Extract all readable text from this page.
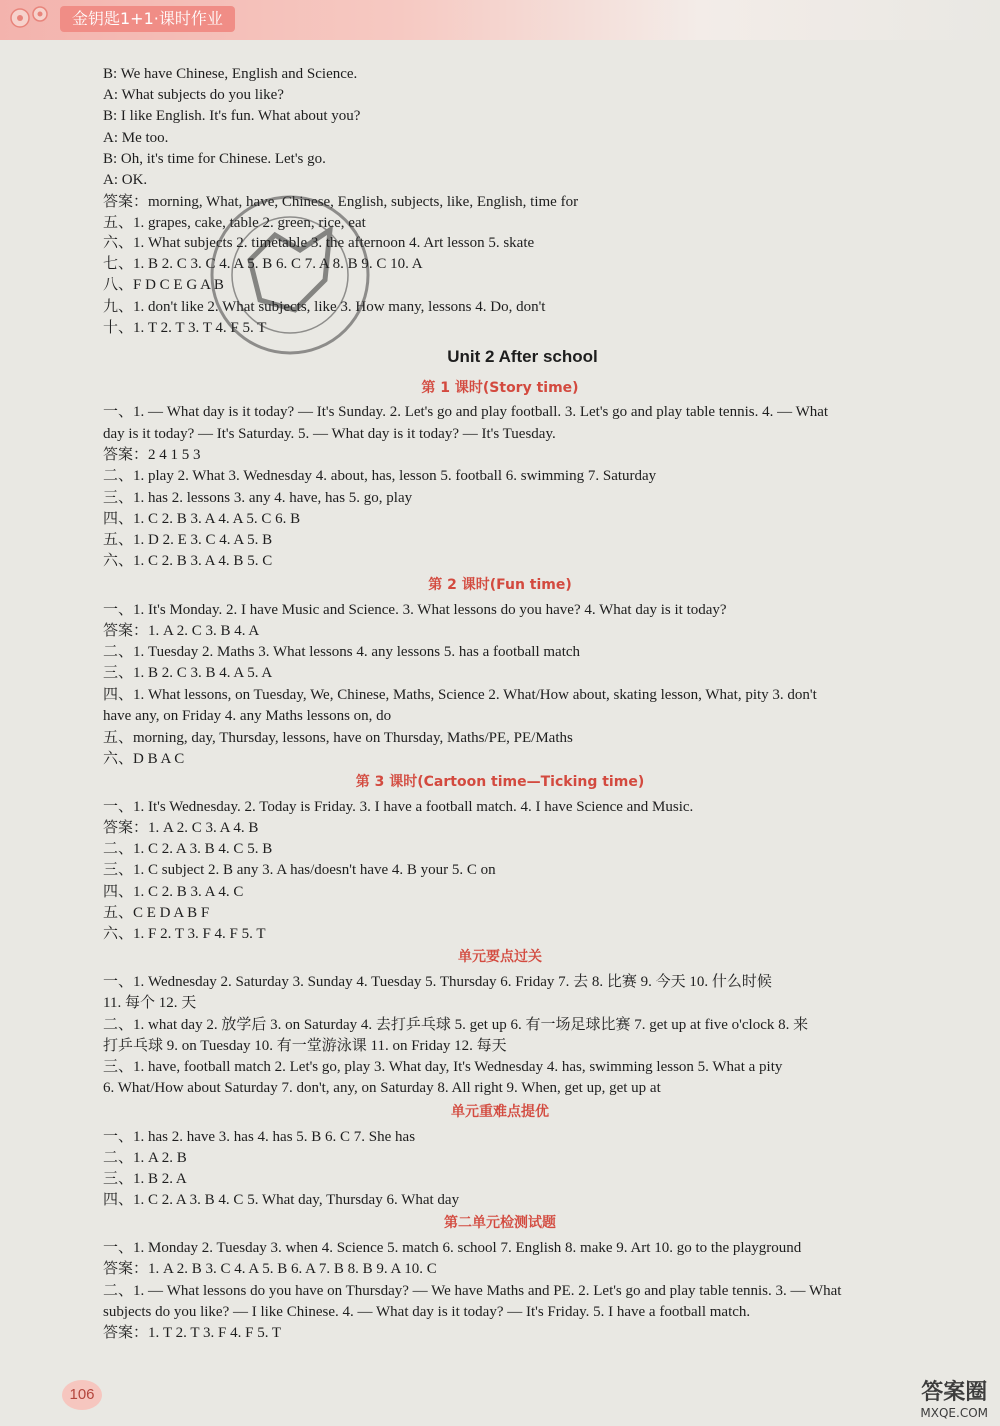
金钥匙1+1·课时作业
B: We have Chinese, English and Science.
A: What subjects do you like?
B: I like English. It's fun. What about you?
A: Me too.
B: Oh, it's time for Chinese. Let's go.
A: OK.
答案：morning, What, have, Chinese, English, subjects, like, English, time for
五、1. grapes, cake, table 2. green, rice, eat
六、1. What subjects 2. timetable 3. the afternoon 4. Art lesson 5. skate
七、1. B 2. C 3. C 4. A 5. B 6. C 7. A 8. B 9. C 10. A
八、F D C E G A B
九、1. don't like 2. What subjects, like 3. How many, lessons 4. Do, don't
十、1. T 2. T 3. T 4. F 5. T
Unit 2 After school
第 1 课时(Story time)
一、1. — What day is it today? — It's Sunday. 2. Let's go and play football. 3. Let's go and play table tennis. 4. — What
day is it today? — It's Saturday. 5. — What day is it today? — It's Tuesday.
答案：2 4 1 5 3
二、1. play 2. What 3. Wednesday 4. about, has, lesson 5. football 6. swimming 7. Saturday
三、1. has 2. lessons 3. any 4. have, has 5. go, play
四、1. C 2. B 3. A 4. A 5. C 6. B
五、1. D 2. E 3. C 4. A 5. B
六、1. C 2. B 3. A 4. B 5. C
第 2 课时(Fun time)
一、1. It's Monday. 2. I have Music and Science. 3. What lessons do you have? 4. What day is it today?
答案：1. A 2. C 3. B 4. A
二、1. Tuesday 2. Maths 3. What lessons 4. any lessons 5. has a football match
三、1. B 2. C 3. B 4. A 5. A
四、1. What lessons, on Tuesday, We, Chinese, Maths, Science 2. What/How about, skating lesson, What, pity 3. don't
have any, on Friday 4. any Maths lessons on, do
五、morning, day, Thursday, lessons, have on Thursday, Maths/PE, PE/Maths
六、D B A C
第 3 课时(Cartoon time—Ticking time)
一、1. It's Wednesday. 2. Today is Friday. 3. I have a football match. 4. I have Science and Music.
答案：1. A 2. C 3. A 4. B
二、1. C 2. A 3. B 4. C 5. B
三、1. C subject 2. B any 3. A has/doesn't have 4. B your 5. C on
四、1. C 2. B 3. A 4. C
五、C E D A B F
六、1. F 2. T 3. F 4. F 5. T
单元要点过关
一、1. Wednesday 2. Saturday 3. Sunday 4. Tuesday 5. Thursday 6. Friday 7. 去 8. 比赛 9. 今天 10. 什么时候
11. 每个 12. 天
二、1. what day 2. 放学后 3. on Saturday 4. 去打乒乓球 5. get up 6. 有一场足球比赛 7. get up at five o'clock 8. 来
打乒乓球 9. on Tuesday 10. 有一堂游泳课 11. on Friday 12. 每天
三、1. have, football match 2. Let's go, play 3. What day, It's Wednesday 4. has, swimming lesson 5. What a pity
6. What/How about Saturday 7. don't, any, on Saturday 8. All right 9. When, get up, get up at
单元重难点提优
一、1. has 2. have 3. has 4. has 5. B 6. C 7. She has
二、1. A 2. B
三、1. B 2. A
四、1. C 2. A 3. B 4. C 5. What day, Thursday 6. What day
第二单元检测试题
一、1. Monday 2. Tuesday 3. when 4. Science 5. match 6. school 7. English 8. make 9. Art 10. go to the playground
答案：1. A 2. B 3. C 4. A 5. B 6. A 7. B 8. B 9. A 10. C
二、1. — What lessons do you have on Thursday? — We have Maths and PE. 2. Let's go and play table tennis. 3. — What
subjects do you like? — I like Chinese. 4. — What day is it today? — It's Friday. 5. I have a football match.
答案：1. T 2. T 3. F 4. F 5. T
106	答案圈
MXQE.COM
